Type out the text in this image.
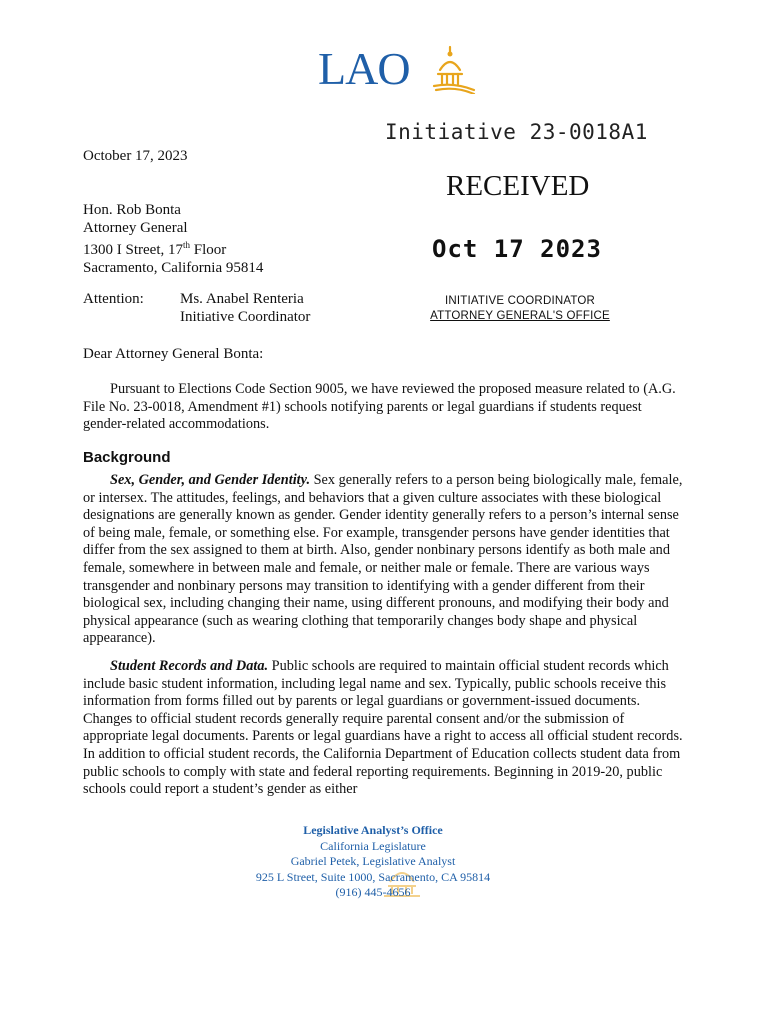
LAO
Initiative 23-0018A1
RECEIVED
Oct 17 2023
INITIATIVE COORDINATOR
ATTORNEY GENERAL'S OFFICE
October 17, 2023
Hon. Rob Bonta
Attorney General
1300 I Street, 17th Floor
Sacramento, California 95814
Attention: Ms. Anabel Renteria
Initiative Coordinator
Dear Attorney General Bonta:
Pursuant to Elections Code Section 9005, we have reviewed the proposed measure related to (A.G. File No. 23-0018, Amendment #1) schools notifying parents or legal guardians if students request gender-related accommodations.
Background
Sex, Gender, and Gender Identity. Sex generally refers to a person being biologically male, female, or intersex. The attitudes, feelings, and behaviors that a given culture associates with these biological designations are generally known as gender. Gender identity generally refers to a person’s internal sense of being male, female, or something else. For example, transgender persons have gender identities that differ from the sex assigned to them at birth. Also, gender nonbinary persons identify as both male and female, somewhere in between male and female, or neither male or female. There are various ways transgender and nonbinary persons may transition to identifying with a gender different from their biological sex, including changing their name, using different pronouns, and modifying their body and physical appearance (such as wearing clothing that temporarily changes body shape and physical appearance).
Student Records and Data. Public schools are required to maintain official student records which include basic student information, including legal name and sex. Typically, public schools receive this information from forms filled out by parents or legal guardians or government-issued documents. Changes to official student records generally require parental consent and/or the submission of appropriate legal documents. Parents or legal guardians have a right to access all official student records. In addition to official student records, the California Department of Education collects student data from public schools to comply with state and federal reporting requirements. Beginning in 2019-20, public schools could report a student’s gender as either
Legislative Analyst’s Office
California Legislature
Gabriel Petek, Legislative Analyst
925 L Street, Suite 1000, Sacramento, CA 95814
(916) 445-4656
